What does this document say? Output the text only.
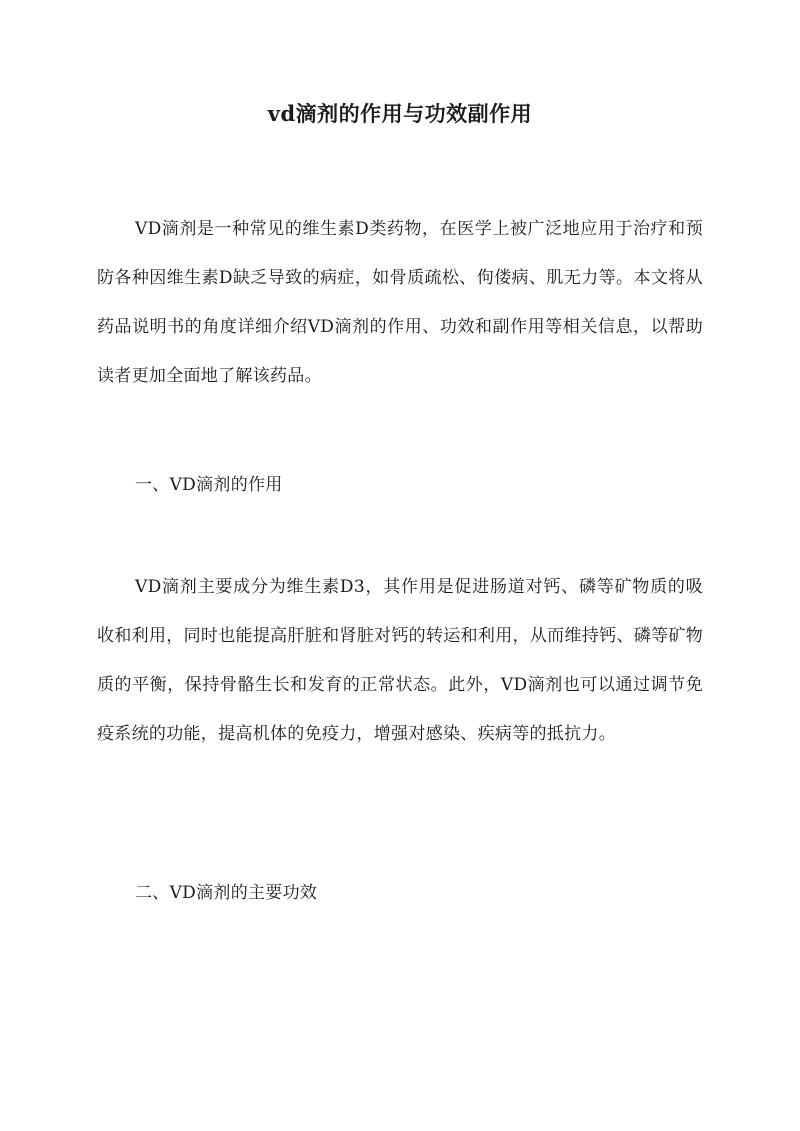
vd滴剂的作用与功效副作用

VD滴剂是一种常见的维生素D类药物，在医学上被广泛地应用于治疗和预防各种因维生素D缺乏导致的病症，如骨质疏松、佝偻病、肌无力等。本文将从药品说明书的角度详细介绍VD滴剂的作用、功效和副作用等相关信息，以帮助读者更加全面地了解该药品。

一、VD滴剂的作用

VD滴剂主要成分为维生素D3，其作用是促进肠道对钙、磷等矿物质的吸收和利用，同时也能提高肝脏和肾脏对钙的转运和利用，从而维持钙、磷等矿物质的平衡，保持骨骼生长和发育的正常状态。此外，VD滴剂也可以通过调节免疫系统的功能，提高机体的免疫力，增强对感染、疾病等的抵抗力。

二、VD滴剂的主要功效
